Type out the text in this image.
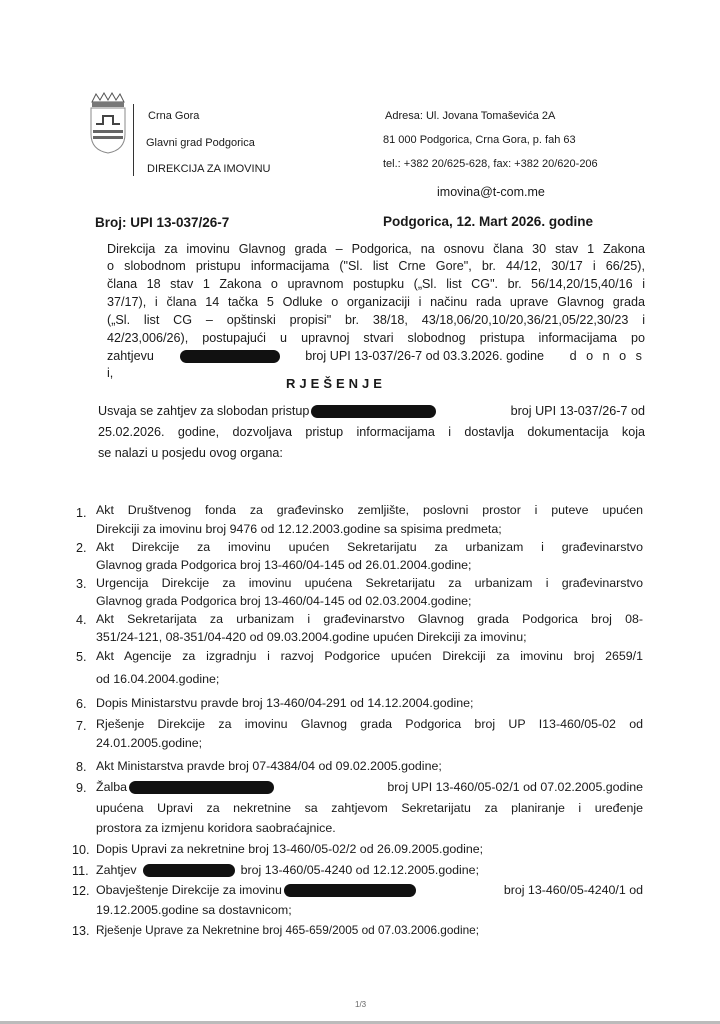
Crna Gora
Glavni grad Podgorica
DIREKCIJA ZA IMOVINU
Adresa: Ul. Jovana Tomaševića 2A
81 000 Podgorica, Crna Gora, p. fah 63
tel.: +382 20/625-628, fax: +382 20/620-206
imovina@t-com.me
Broj: UPI 13-037/26-7	Podgorica, 12. Mart 2026. godine
Direkcija za imovinu Glavnog grada – Podgorica, na osnovu člana 30 stav 1 Zakona
o slobodnom pristupu informacijama ("Sl. list Crne Gore", br. 44/12, 30/17 i 66/25),
člana 18 stav 1 Zakona o upravnom postupku („Sl. list CG". br. 56/14,20/15,40/16 i
37/17), i člana 14 tačka 5 Odluke o organizaciji i načinu rada uprave Glavnog grada
(„Sl. list CG – opštinski propisi" br. 38/18, 43/18,06/20,10/20,36/21,05/22,30/23 i
42/23,006/26), postupajući u upravnoj stvari slobodnog pristupa informacijama po
zahtjevu	broj UPI 13-037/26-7 od 03.3.2026. godine d o n o s
i,
RJEŠENJE
Usvaja se zahtjev za slobodan pristup	broj UPI 13-037/26-7 od
25.02.2026. godine, dozvoljava pristup informacijama i dostavlja dokumentacija koja
se nalazi u posjedu ovog organa:
1. Akt Društvenog fonda za građevinsko zemljište, poslovni prostor i puteve upućen
Direkciji za imovinu broj 9476 od 12.12.2003.godine sa spisima predmeta;
2. Akt Direkcije za imovinu upućen Sekretarijatu za urbanizam i građevinarstvo
Glavnog grada Podgorica broj 13-460/04-145 od 26.01.2004.godine;
3. Urgencija Direkcije za imovinu upućena Sekretarijatu za urbanizam i građevinarstvo
Glavnog grada Podgorica broj 13-460/04-145 od 02.03.2004.godine;
4. Akt Sekretarijata za urbanizam i građevinarstvo Glavnog grada Podgorica broj 08-
351/24-121, 08-351/04-420 od 09.03.2004.godine upućen Direkciji za imovinu;
5. Akt Agencije za izgradnju i razvoj Podgorice upućen Direkciji za imovinu broj 2659/1
od 16.04.2004.godine;
6. Dopis Ministarstvu pravde broj 13-460/04-291 od 14.12.2004.godine;
7. Rješenje Direkcije za imovinu Glavnog grada Podgorica broj UP I13-460/05-02 od
24.01.2005.godine;
8. Akt Ministarstva pravde broj 07-4384/04 od 09.02.2005.godine;
9. Žalba	broj UPI 13-460/05-02/1 od 07.02.2005.godine
upućena Upravi za nekretnine sa zahtjevom Sekretarijatu za planiranje i uređenje
prostora za izmjenu koridora saobraćajnice.
10. Dopis Upravi za nekretnine broj 13-460/05-02/2 od 26.09.2005.godine;
11. Zahtjev	broj 13-460/05-4240 od 12.12.2005.godine;
12. Obavještenje Direkcije za imovinu	broj 13-460/05-4240/1 od
19.12.2005.godine sa dostavnicom;
13. Rješenje Uprave za Nekretnine broj 465-659/2005 od 07.03.2006.godine;
1/3
